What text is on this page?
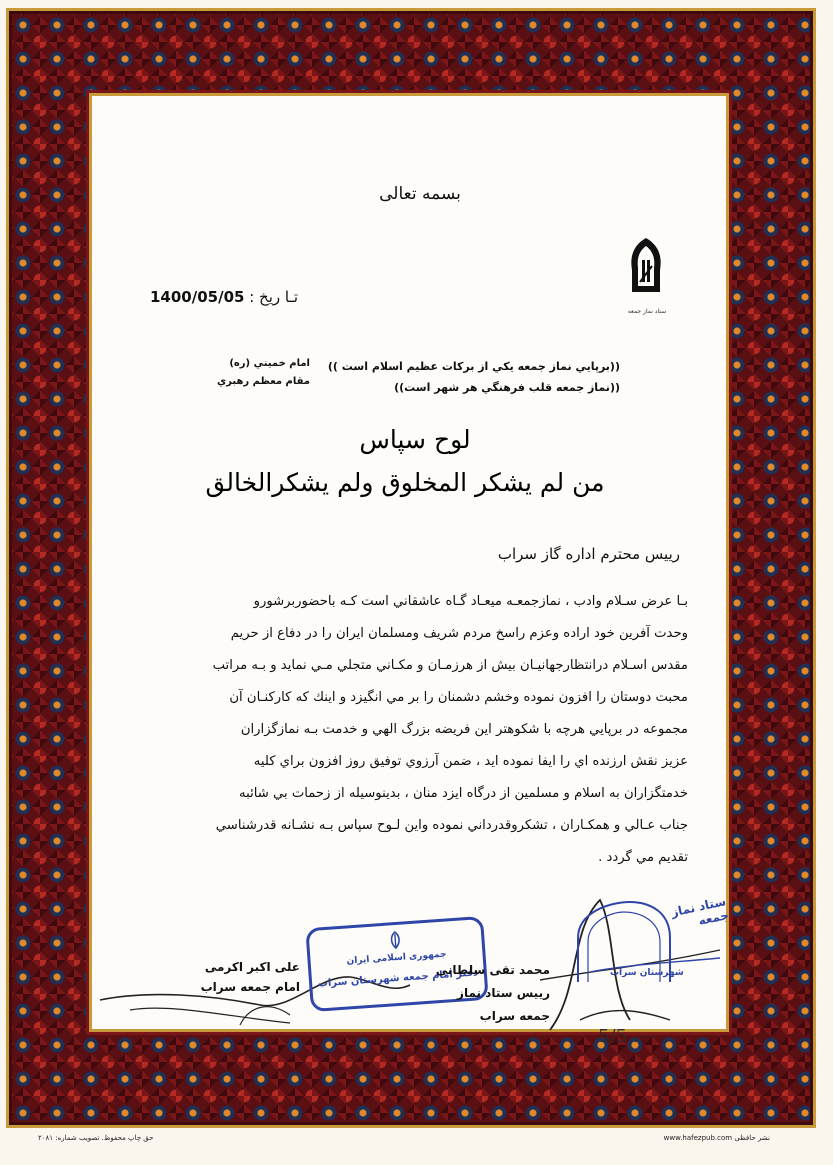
بسمه تعالی
1400/05/05 تـا ریخ :
ستاد نماز جمعه
((برپايي نماز جمعه يكي از بركات عظيم اسلام است ))
((نماز جمعه قلب فرهنگي هر شهر است))
امام خميني (ره)
مقام معظم رهبري
لوح سپاس
من لم يشكر المخلوق ولم يشكرالخالق
ریيس محترم اداره گاز سراب

بـا عرض سـلام وادب ، نمازجمعـه ميعـاد گـاه عاشقاني است كـه باحضوربرشورو

وحدت آفرین خود اراده وعزم راسخ مردم شريف ومسلمان ايران را در دفاع از حريم

مقدس اسـلام درانتظارجهانيـان بيش از هرزمـان و مكـاني متجلي مـي نمايد و بـه مراتب

محبت دوستان را افزون نموده وخشم دشمنان را بر مي انگيزد و اينك كه كاركنـان آن

مجموعه در برپايي هرچه با شكوهتر اين فريضه بزرگ الهي و خدمت بـه نمازگزاران

عزيز نقش ارزنده اي را ايفا نموده ايد ، ضمن آرزوي توفيق روز افزون براي كليه

خدمتگزاران به اسلام و مسلمين از درگاه ايزد منان ، بدينوسيله از زحمات بي شائبه

جناب عـالي و همكـاران ، تشكروقدرداني نموده واين لـوح سپاس بـه نشـانه قدرشناسي

تقديم مي گردد .

علی اکبر اکرمی
امام جمعه سراب
جمهوری اسلامی ایران
دفتر امام جمعه شهرستان سراب
ستاد نماز جمعه
شهرستان سراب
محمد تقی سلطانی
رییس ستاد نماز
جمعه سراب
5/5 ،۰۰
حق چاپ محفوظ. تصویب شماره: ۲۰۸۱	www.hafezpub.com نشر حافظی
